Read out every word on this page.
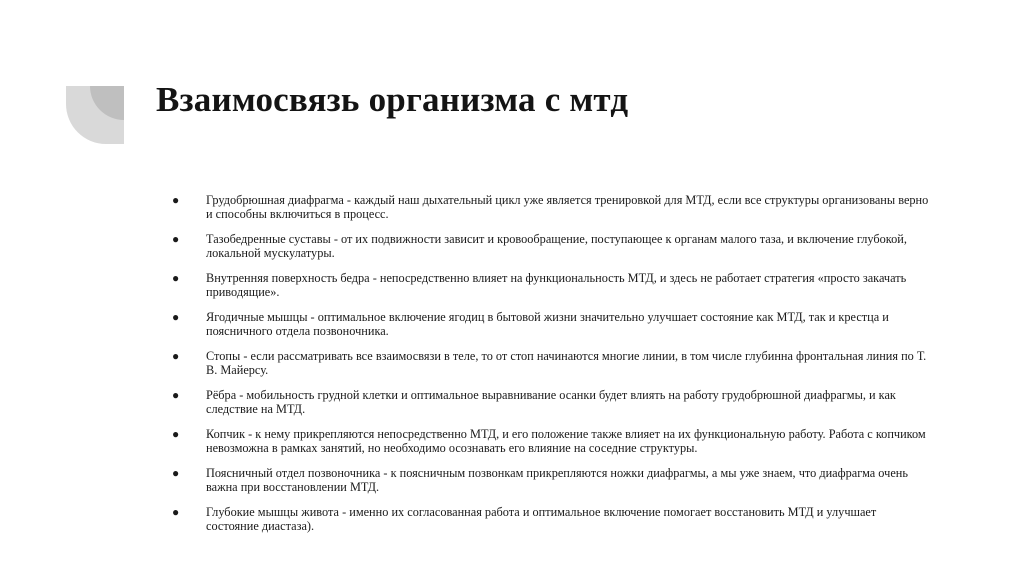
Взаимосвязь организма с мтд
● Грудобрюшная диафрагма - каждый наш дыхательный цикл уже является тренировкой для МТД, если все структуры организованы верно и способны включиться в процесс.
● Тазобедренные суставы - от их подвижности зависит и кровообращение, поступающее к органам малого таза, и включение глубокой, локальной мускулатуры.
● Внутренняя поверхность бедра - непосредственно влияет на функциональность МТД, и здесь не работает стратегия «просто закачать приводящие».
● Ягодичные мышцы - оптимальное включение ягодиц в бытовой жизни значительно улучшает состояние как МТД, так и крестца и поясничного отдела позвоночника.
● Стопы - если рассматривать все взаимосвязи в теле, то от стоп начинаются многие линии, в том числе глубинна фронтальная линия по Т. В. Майерсу.
● Рёбра - мобильность грудной клетки и оптимальное выравнивание осанки будет влиять на работу грудобрюшной диафрагмы, и как следствие на МТД.
● Копчик - к нему прикрепляются непосредственно МТД, и его положение также влияет на их функциональную работу. Работа с копчиком невозможна в рамках занятий, но необходимо осознавать его влияние на соседние структуры.
● Поясничный отдел позвоночника - к поясничным позвонкам прикрепляются ножки диафрагмы, а мы уже знаем, что диафрагма очень важна при восстановлении МТД.
● Глубокие мышцы живота - именно их согласованная работа и оптимальное включение помогает восстановить МТД и улучшает состояние диастаза).
